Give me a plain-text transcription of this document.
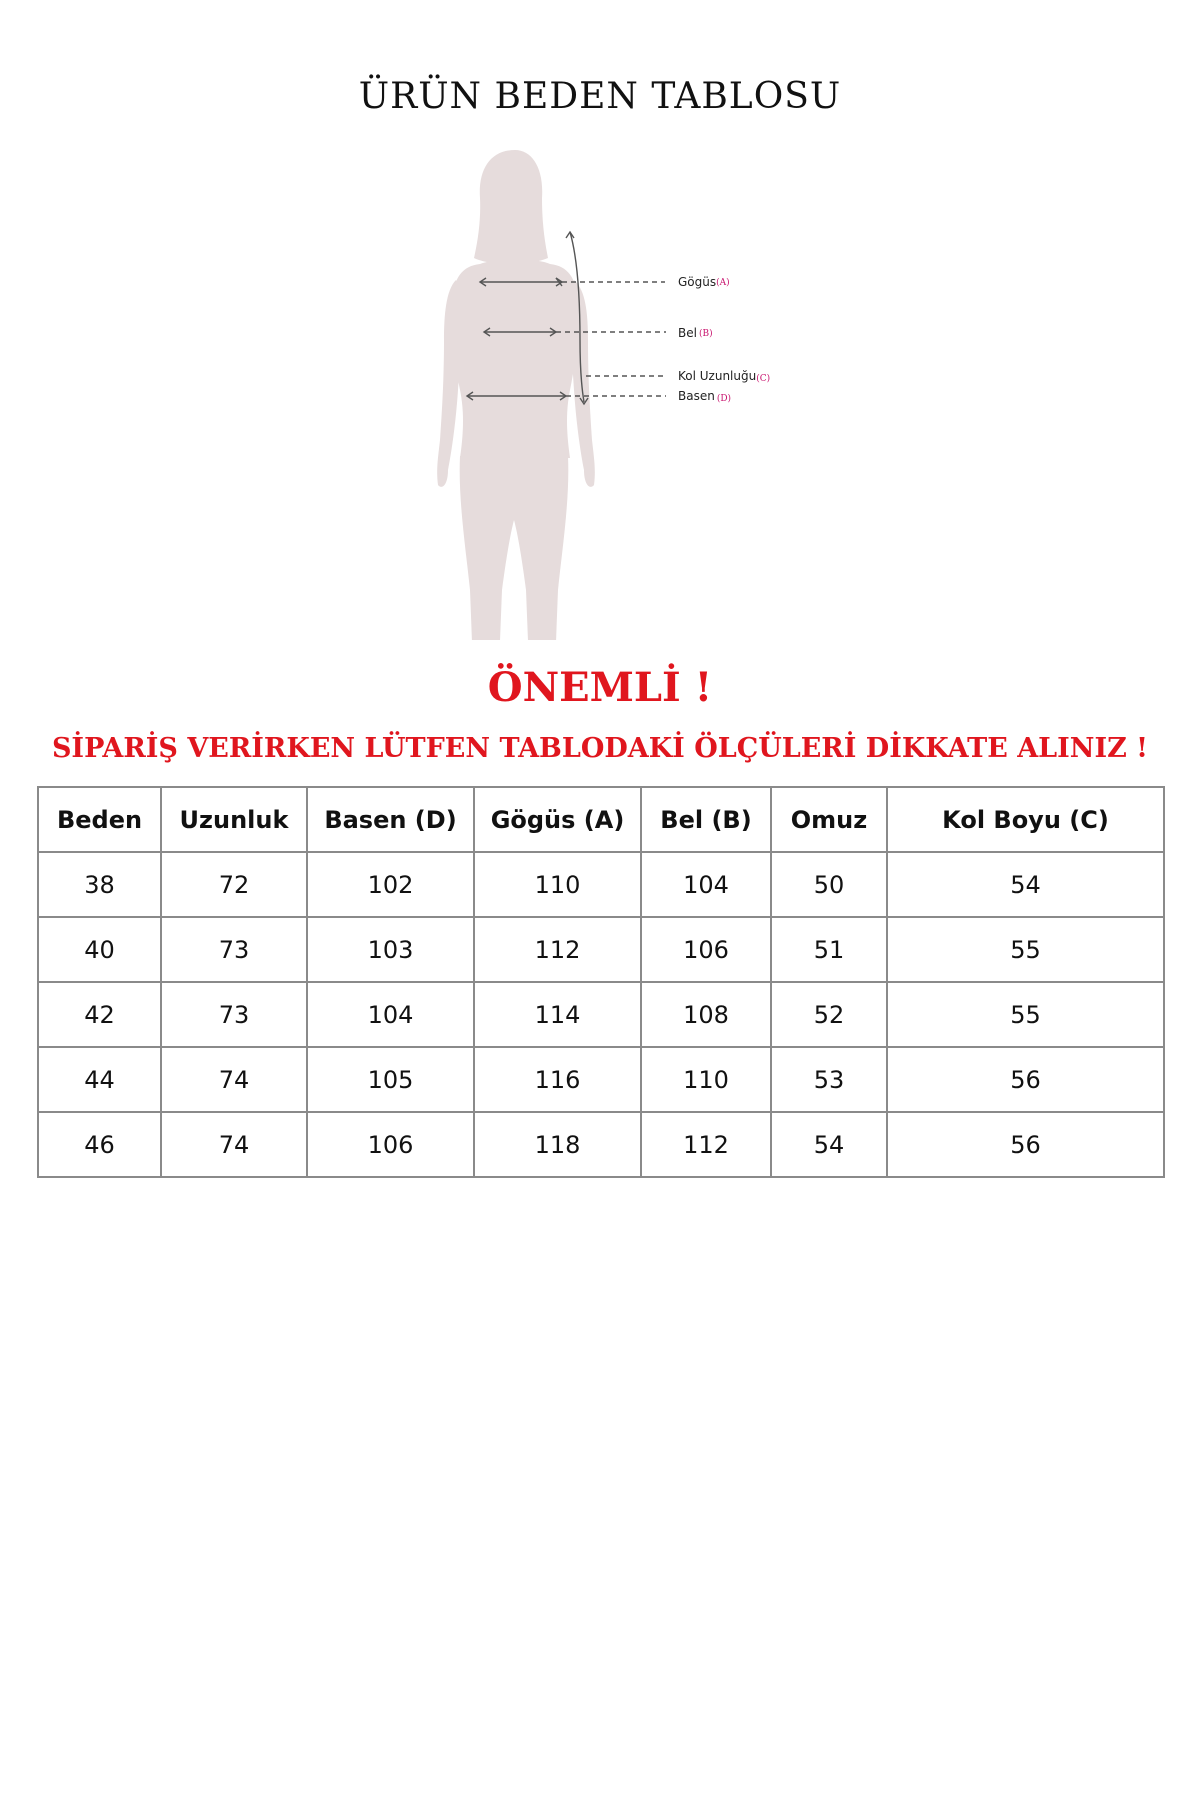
ÜRÜN BEDEN TABLOSU
Gögüs(A)
Bel (B)
Kol Uzunluğu(C)
Basen (D)
ÖNEMLİ !
SİPARİŞ VERİRKEN LÜTFEN TABLODAKİ ÖLÇÜLERİ DİKKATE ALINIZ !
Beden	Uzunluk	Basen (D)	Gögüs (A)	Bel (B)	Omuz	Kol Boyu (C)
38	72	102	110	104	50	54
40	73	103	112	106	51	55
42	73	104	114	108	52	55
44	74	105	116	110	53	56
46	74	106	118	112	54	56
